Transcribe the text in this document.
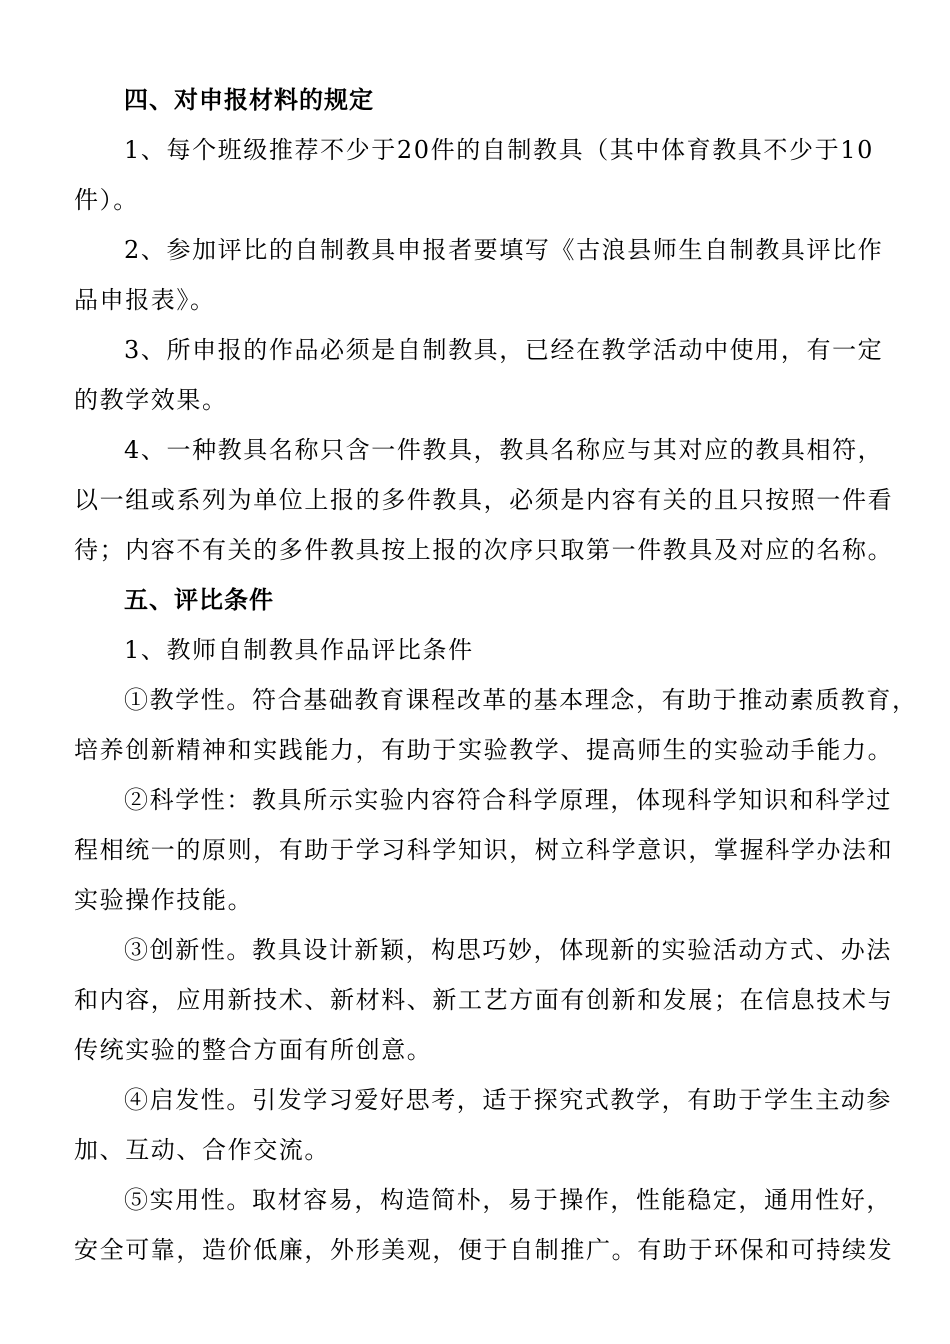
四、对申报材料的规定
1、每个班级推荐不少于20件的自制教具（其中体育教具不少于10
件）。
2、参加评比的自制教具申报者要填写《古浪县师生自制教具评比作
品申报表》。
3、所申报的作品必须是自制教具，已经在教学活动中使用，有一定
的教学效果。
4、一种教具名称只含一件教具，教具名称应与其对应的教具相符，
以一组或系列为单位上报的多件教具，必须是内容有关的且只按照一件看
待；内容不有关的多件教具按上报的次序只取第一件教具及对应的名称。
五、评比条件
1、教师自制教具作品评比条件
①教学性。符合基础教育课程改革的基本理念，有助于推动素质教育，
培养创新精神和实践能力，有助于实验教学、提高师生的实验动手能力。
②科学性：教具所示实验内容符合科学原理，体现科学知识和科学过
程相统一的原则，有助于学习科学知识，树立科学意识，掌握科学办法和
实验操作技能。
③创新性。教具设计新颖，构思巧妙，体现新的实验活动方式、办法
和内容，应用新技术、新材料、新工艺方面有创新和发展；在信息技术与
传统实验的整合方面有所创意。
④启发性。引发学习爱好思考，适于探究式教学，有助于学生主动参
加、互动、合作交流。
⑤实用性。取材容易，构造简朴，易于操作，性能稳定，通用性好，
安全可靠，造价低廉，外形美观，便于自制推广。有助于环保和可持续发
